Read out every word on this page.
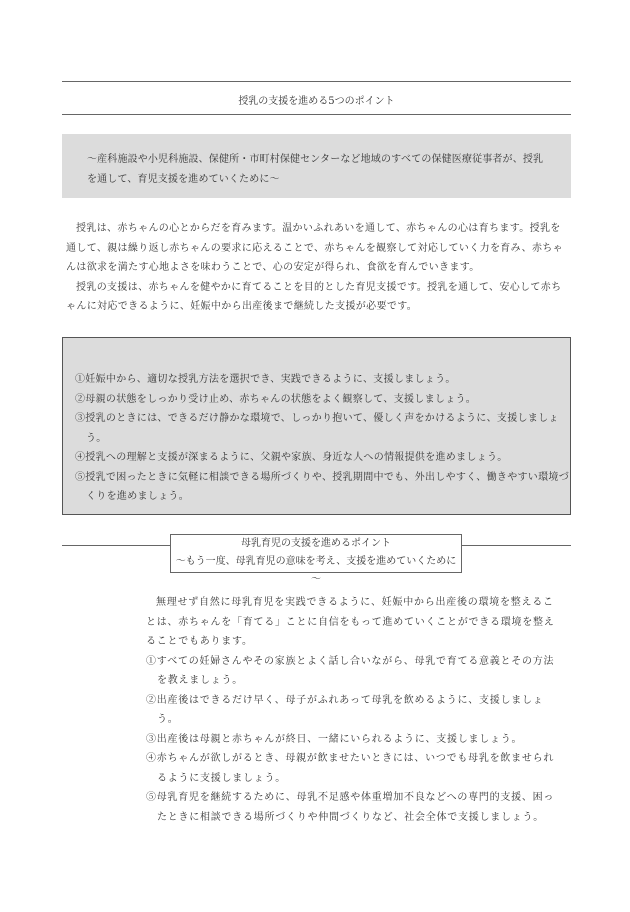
授乳の支援を進める5つのポイント

～産科施設や小児科施設、保健所・市町村保健センターなど地域のすべての保健医療従事者が、授乳を通して、育児支援を進めていくために～

授乳は、赤ちゃんの心とからだを育みます。温かいふれあいを通して、赤ちゃんの心は育ちます。授乳を通して、親は繰り返し赤ちゃんの要求に応えることで、赤ちゃんを観察して対応していく力を育み、赤ちゃんは欲求を満たす心地よさを味わうことで、心の安定が得られ、食欲を育んでいきます。

授乳の支援は、赤ちゃんを健やかに育てることを目的とした育児支援です。授乳を通して、安心して赤ちゃんに対応できるように、妊娠中から出産後まで継続した支援が必要です。

①妊娠中から、適切な授乳方法を選択でき、実践できるように、支援しましょう。
②母親の状態をしっかり受け止め、赤ちゃんの状態をよく観察して、支援しましょう。
③授乳のときには、できるだけ静かな環境で、しっかり抱いて、優しく声をかけるように、支援しましょう。
④授乳への理解と支援が深まるように、父親や家族、身近な人への情報提供を進めましょう。
⑤授乳で困ったときに気軽に相談できる場所づくりや、授乳期間中でも、外出しやすく、働きやすい環境づくりを進めましょう。
母乳育児の支援を進めるポイント
～もう一度、母乳育児の意味を考え、支援を進めていくために～

無理せず自然に母乳育児を実践できるように、妊娠中から出産後の環境を整えることは、赤ちゃんを「育てる」ことに自信をもって進めていくことができる環境を整えることでもあります。

①すべての妊婦さんやその家族とよく話し合いながら、母乳で育てる意義とその方法を教えましょう。
②出産後はできるだけ早く、母子がふれあって母乳を飲めるように、支援しましょう。
③出産後は母親と赤ちゃんが終日、一緒にいられるように、支援しましょう。
④赤ちゃんが欲しがるとき、母親が飲ませたいときには、いつでも母乳を飲ませられるように支援しましょう。
⑤母乳育児を継続するために、母乳不足感や体重増加不良などへの専門的支援、困ったときに相談できる場所づくりや仲間づくりなど、社会全体で支援しましょう。
